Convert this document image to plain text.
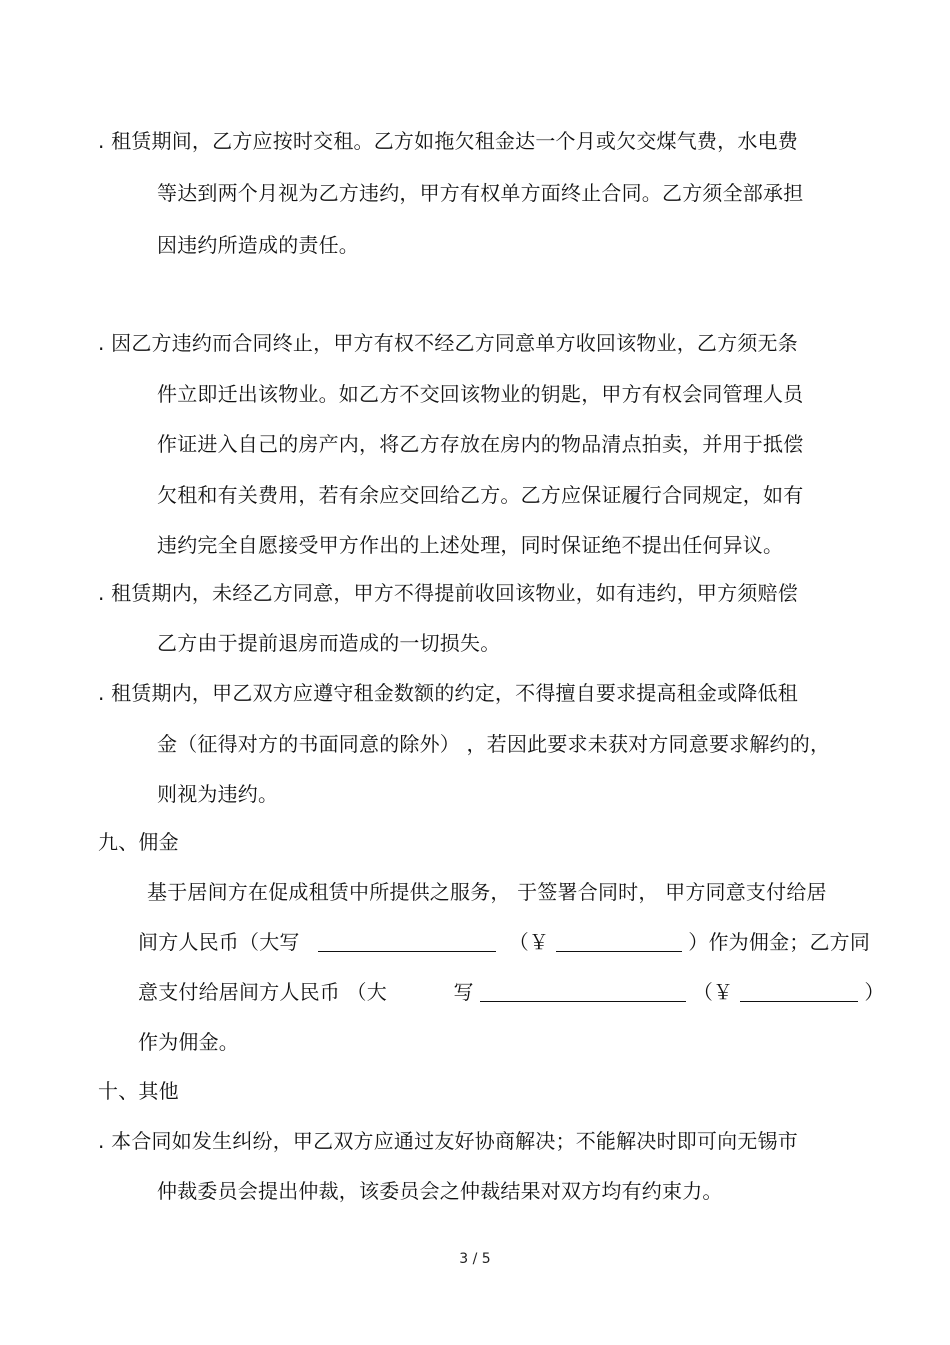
. 租赁期间，乙方应按时交租。乙方如拖欠租金达一个月或欠交煤气费，水电费
等达到两个月视为乙方违约，甲方有权单方面终止合同。乙方须全部承担
因违约所造成的责任。
. 因乙方违约而合同终止，甲方有权不经乙方同意单方收回该物业，乙方须无条
件立即迁出该物业。如乙方不交回该物业的钥匙，甲方有权会同管理人员
作证进入自己的房产内，将乙方存放在房内的物品清点拍卖，并用于抵偿
欠租和有关费用，若有余应交回给乙方。乙方应保证履行合同规定，如有
违约完全自愿接受甲方作出的上述处理，同时保证绝不提出任何异议。
. 租赁期内，未经乙方同意，甲方不得提前收回该物业，如有违约，甲方须赔偿
乙方由于提前退房而造成的一切损失。
. 租赁期内，甲乙双方应遵守租金数额的约定，不得擅自要求提高租金或降低租
金（征得对方的书面同意的除外） ，若因此要求未获对方同意要求解约的，
则视为违约。
九、佣金
基于居间方在促成租赁中所提供之服务， 于签署合同时， 甲方同意支付给居
间方人民币（大写	（￥	）作为佣金；乙方同
意支付给居间方人民币 （大	写	（￥	）
作为佣金。
十、其他
. 本合同如发生纠纷，甲乙双方应通过友好协商解决；不能解决时即可向无锡市
仲裁委员会提出仲裁，该委员会之仲裁结果对双方均有约束力。
3 / 5
